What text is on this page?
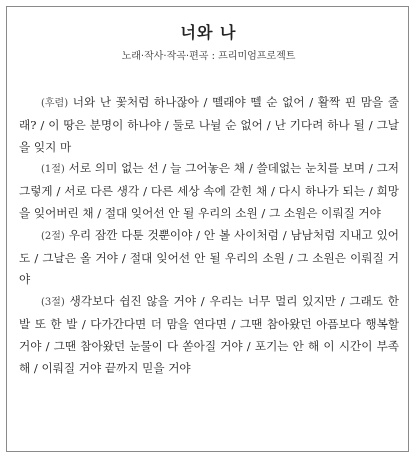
너와 나
노래·작사·작곡·편곡 : 프리미엄프로젝트

(후렴) 너와 난 꽃처럼 하나잖아 / 뗄래야 뗄 순 없어 / 활짝 핀 맘을 줄래? / 이 땅은 분명이 하나야 / 둘로 나뉠 순 없어 / 난 기다려 하나 될 / 그날을 잊지 마

(1절) 서로 의미 없는 선 / 늘 그어놓은 채 / 쓸데없는 눈치를 보며 / 그저 그렇게 / 서로 다른 생각 / 다른 세상 속에 갇힌 채 / 다시 하나가 되는 / 희망을 잊어버린 채 / 절대 잊어선 안 될 우리의 소원 / 그 소원은 이뤄질 거야

(2절) 우리 잠깐 다툰 것뿐이야 / 안 볼 사이처럼 / 남남처럼 지내고 있어도 / 그날은 올 거야 / 절대 잊어선 안 될 우리의 소원 / 그 소원은 이뤄질 거야

(3절) 생각보다 쉽진 않을 거야 / 우리는 너무 멀리 있지만 / 그래도 한 발 또 한 발 / 다가간다면 더 맘을 연다면 / 그땐 참아왔던 아픔보다 행복할 거야 / 그땐 참아왔던 눈물이 다 쏟아질 거야 / 포기는 안 해 이 시간이 부족해 / 이뤄질 거야 끝까지 믿을 거야
